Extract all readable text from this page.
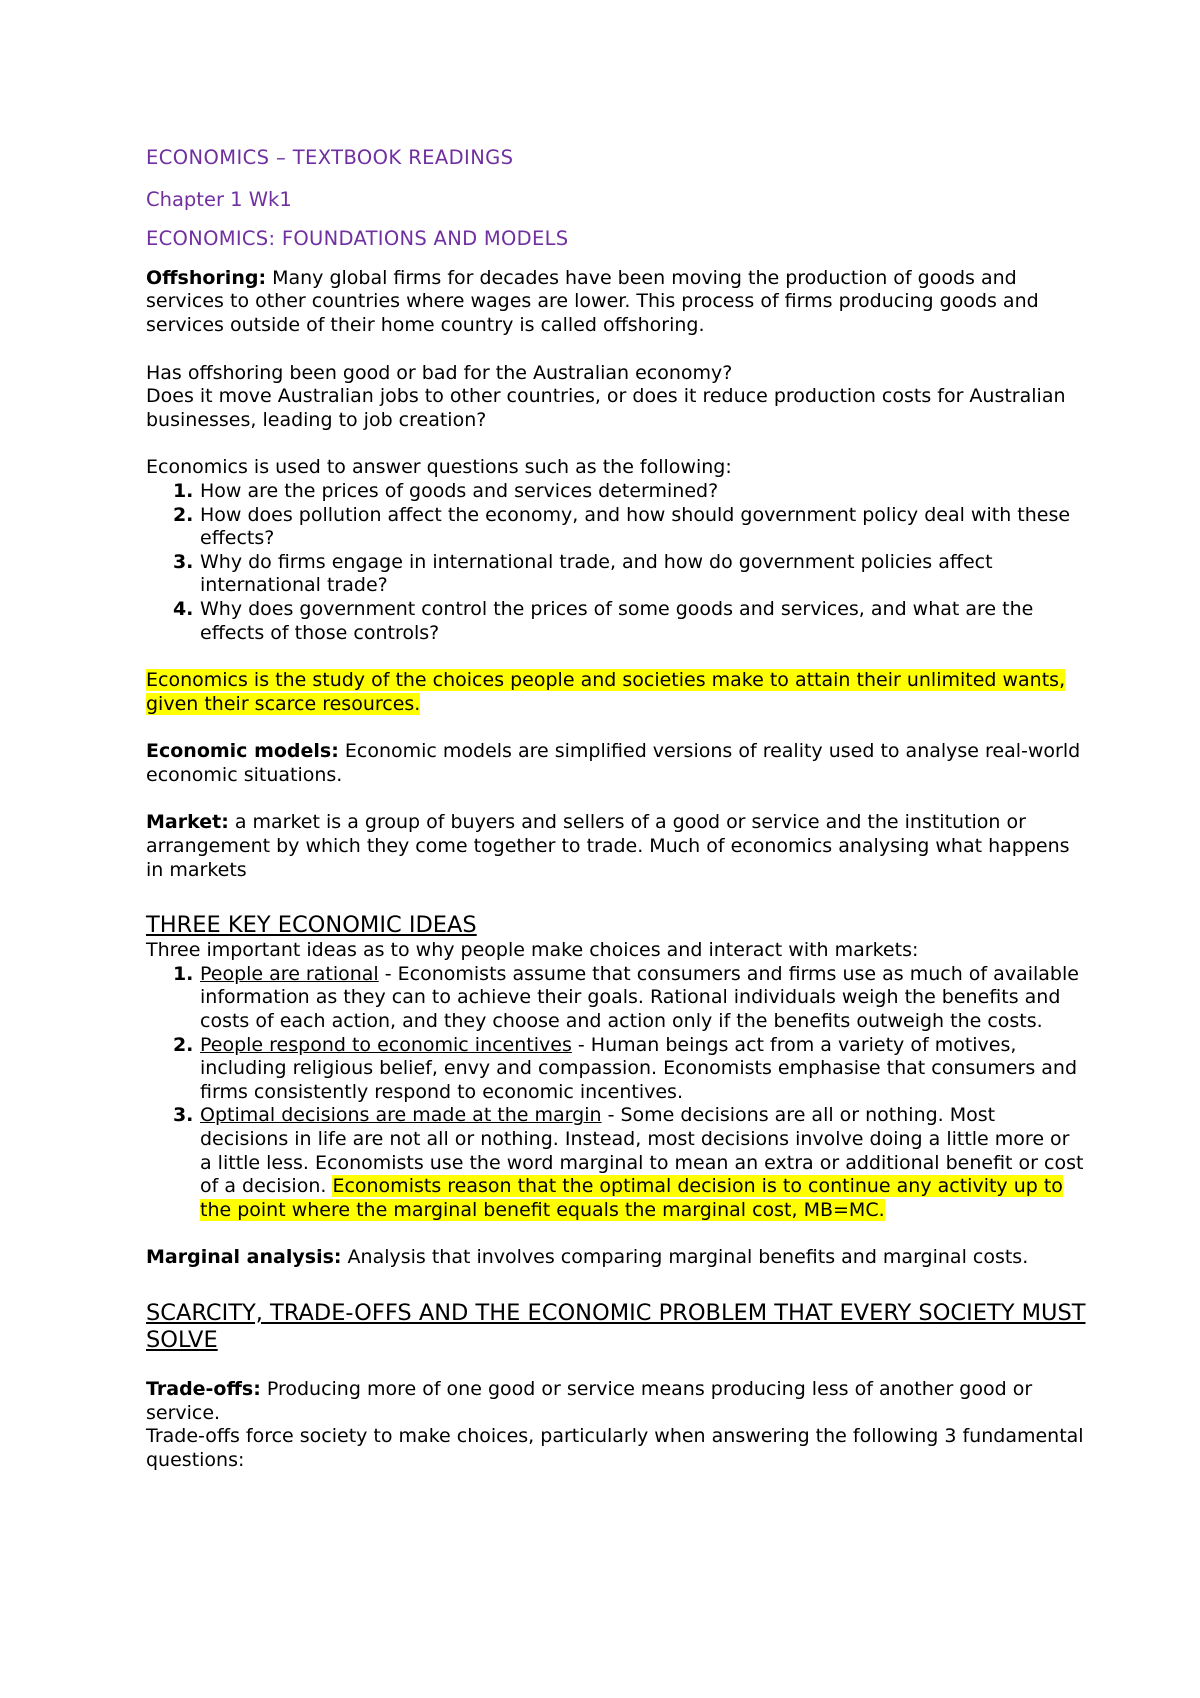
ECONOMICS – TEXTBOOK READINGS

Chapter 1 Wk1

ECONOMICS: FOUNDATIONS AND MODELS

Offshoring: Many global firms for decades have been moving the production of goods and services to other countries where wages are lower. This process of firms producing goods and services outside of their home country is called offshoring.

Has offshoring been good or bad for the Australian economy?

Does it move Australian jobs to other countries, or does it reduce production costs for Australian businesses, leading to job creation?

Economics is used to answer questions such as the following:

1. How are the prices of goods and services determined?
2. How does pollution affect the economy, and how should government policy deal with these effects?
3. Why do firms engage in international trade, and how do government policies affect international trade?
4. Why does government control the prices of some goods and services, and what are the effects of those controls?

Economics is the study of the choices people and societies make to attain their unlimited wants, given their scarce resources.

Economic models: Economic models are simplified versions of reality used to analyse real-world economic situations.

Market: a market is a group of buyers and sellers of a good or service and the institution or arrangement by which they come together to trade. Much of economics analysing what happens in markets

THREE KEY ECONOMIC IDEAS

Three important ideas as to why people make choices and interact with markets:

1. People are rational - Economists assume that consumers and firms use as much of available information as they can to achieve their goals. Rational individuals weigh the benefits and costs of each action, and they choose and action only if the benefits outweigh the costs.
2. People respond to economic incentives - Human beings act from a variety of motives, including religious belief, envy and compassion. Economists emphasise that consumers and firms consistently respond to economic incentives.
3. Optimal decisions are made at the margin - Some decisions are all or nothing. Most decisions in life are not all or nothing. Instead, most decisions involve doing a little more or a little less. Economists use the word marginal to mean an extra or additional benefit or cost of a decision. Economists reason that the optimal decision is to continue any activity up to the point where the marginal benefit equals the marginal cost, MB=MC.

Marginal analysis: Analysis that involves comparing marginal benefits and marginal costs.

SCARCITY, TRADE-OFFS AND THE ECONOMIC PROBLEM THAT EVERY SOCIETY MUST SOLVE

Trade-offs: Producing more of one good or service means producing less of another good or service.

Trade-offs force society to make choices, particularly when answering the following 3 fundamental questions:
